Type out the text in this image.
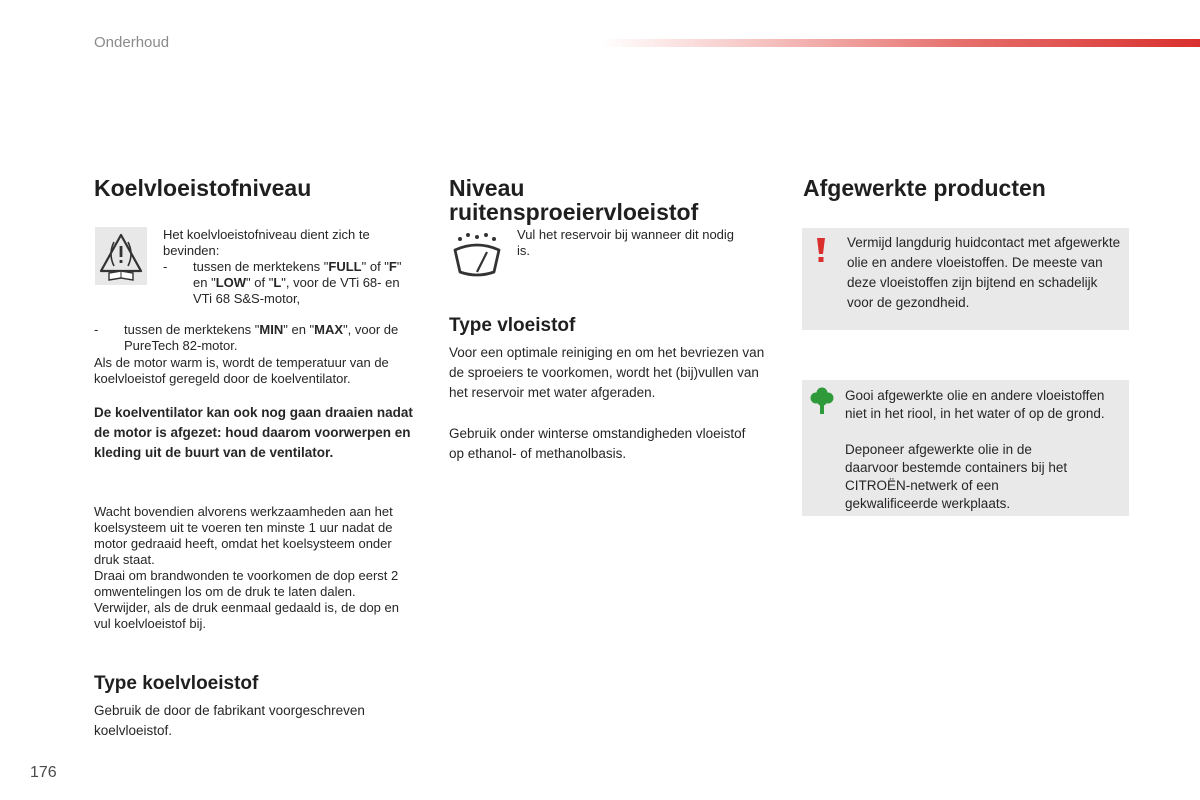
Onderhoud
Koelvloeistofniveau
Het koelvloeistofniveau dient zich te bevinden:
-	tussen de merktekens "FULL" of "F" en "LOW" of "L", voor de VTi 68- en VTi 68 S&S-motor,
-	tussen de merktekens "MIN" en "MAX", voor de PureTech 82-motor.
Als de motor warm is, wordt de temperatuur van de koelvloeistof geregeld door de koelventilator.
De koelventilator kan ook nog gaan draaien nadat de motor is afgezet: houd daarom voorwerpen en kleding uit de buurt van de ventilator.
Wacht bovendien alvorens werkzaamheden aan het koelsysteem uit te voeren ten minste 1 uur nadat de motor gedraaid heeft, omdat het koelsysteem onder druk staat.
Draai om brandwonden te voorkomen de dop eerst 2 omwentelingen los om de druk te laten dalen. Verwijder, als de druk eenmaal gedaald is, de dop en vul koelvloeistof bij.
Type koelvloeistof
Gebruik de door de fabrikant voorgeschreven koelvloeistof.
Niveau ruitensproeiervloeistof
Vul het reservoir bij wanneer dit nodig is.
Type vloeistof
Voor een optimale reiniging en om het bevriezen van de sproeiers te voorkomen, wordt het (bij)vullen van het reservoir met water afgeraden.
Gebruik onder winterse omstandigheden vloeistof op ethanol- of methanolbasis.
Afgewerkte producten
Vermijd langdurig huidcontact met afgewerkte olie en andere vloeistoffen. De meeste van deze vloeistoffen zijn bijtend en schadelijk voor de gezondheid.
Gooi afgewerkte olie en andere vloeistoffen niet in het riool, in het water of op de grond.
Deponeer afgewerkte olie in de daarvoor bestemde containers bij het CITROËN-netwerk of een gekwalificeerde werkplaats.
176
